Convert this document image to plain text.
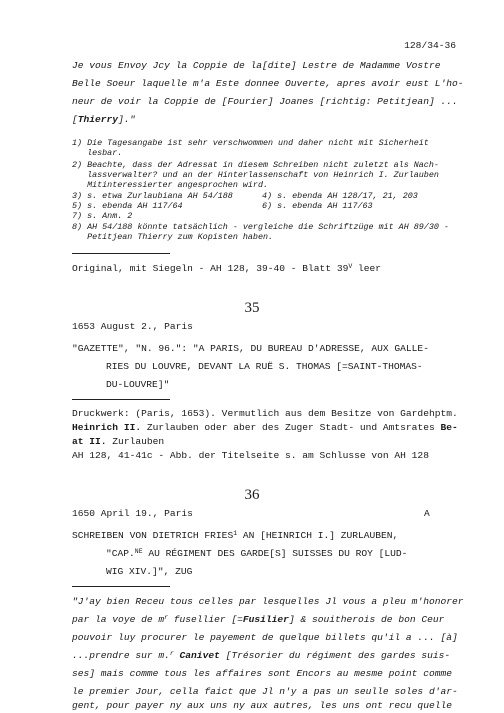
128/34-36
Je vous Envoy Jcy la Coppie de la[dite] Lestre de Madamme Vostre
Belle Soeur laquelle m'a Este donnee Ouverte, apres avoir eust L'ho-
neur de voir la Coppie de [Fourier] Joanes [richtig: Petitjean] ...
[Thierry]."
1) Die Tagesangabe ist sehr verschwommen und daher nicht mit Sicherheit
lesbar.
2) Beachte, dass der Adressat in diesem Schreiben nicht zuletzt als Nach-
lassverwalter? und an der Hinterlassenschaft von Heinrich I. Zurlauben
Mitinteressierter angesprochen wird.
3) s. etwa Zurlaubiana AH 54/188	4) s. ebenda AH 128/17, 21, 203
5) s. ebenda AH 117/64	6) s. ebenda AH 117/63
7) s. Anm. 2
8) AH 54/188 könnte tatsächlich - vergleiche die Schriftzüge mit AH 89/30 -
Petitjean Thierry zum Kopisten haben.
Original, mit Siegeln - AH 128, 39-40 - Blatt $39^V$ leer
35
1653 August 2., Paris
"GAZETTE", "N. 96.": "A PARIS, DU BUREAU D'ADRESSE, AUX GALLE-
RIES DU LOUVRE, DEVANT LA RUË S. THOMAS [=SAINT-THOMAS-
DU-LOUVRE]"
Druckwerk: (Paris, 1653). Vermutlich aus dem Besitze von Gardehptm.
Heinrich II. Zurlauben oder aber des Zuger Stadt- und Amtsrates Be-
at II. Zurlauben
AH 128, 41-41c - Abb. der Titelseite s. am Schlusse von AH 128
36
1650 April 19., Paris	A
SCHREIBEN VON DIETRICH FRIES$^1$ AN [HEINRICH I.] ZURLAUBEN,
"CAP.$^{NE}$ AU RÉGIMENT DES GARDE[S] SUISSES DU ROY [LUD-
WIG XIV.]", ZUG
"J'ay bien Receu tous celles par lesquelles Jl vous a pleu m'honorer
par la voye de $m^r$ fusellier [=Fusilier] & souitherois de bon Ceur
pouvoir luy procurer le payement de quelque billets qu'il a ... [à]
...prendre sur m.$^r$ Canivet [Trésorier du régiment des gardes suis-
ses] mais comme tous les affaires sont Encors au mesme point comme
le premier Jour, cella faict que Jl n'y a pas un seulle soles d'ar-
gent, pour payer ny aux uns ny aux autres, les uns ont recu quelle
